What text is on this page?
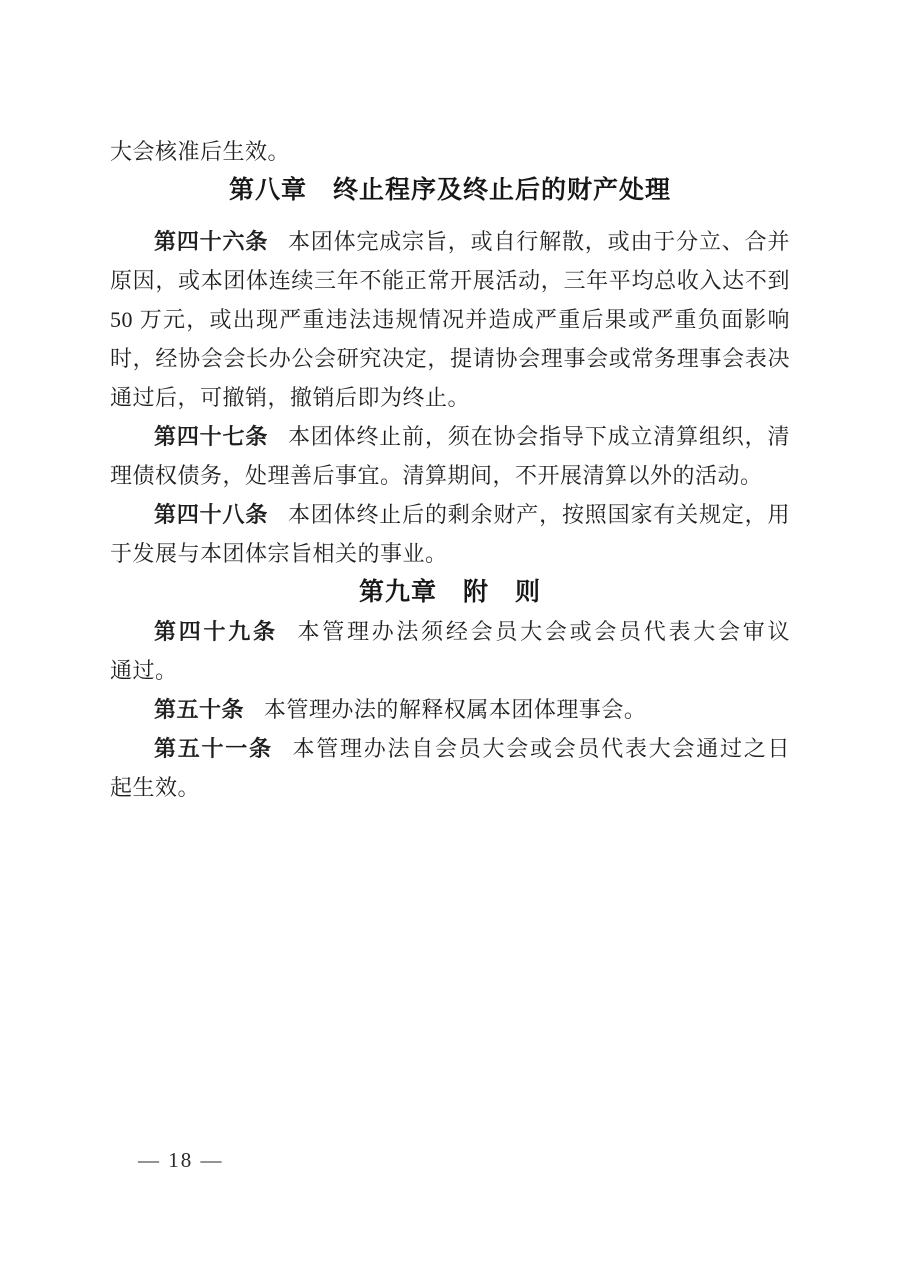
大会核准后生效。
第八章　终止程序及终止后的财产处理
第四十六条 本团体完成宗旨，或自行解散，或由于分立、合并
原因，或本团体连续三年不能正常开展活动，三年平均总收入达不到
50 万元，或出现严重违法违规情况并造成严重后果或严重负面影响
时，经协会会长办公会研究决定，提请协会理事会或常务理事会表决
通过后，可撤销，撤销后即为终止。
第四十七条 本团体终止前，须在协会指导下成立清算组织，清
理债权债务，处理善后事宜。清算期间，不开展清算以外的活动。
第四十八条 本团体终止后的剩余财产，按照国家有关规定，用
于发展与本团体宗旨相关的事业。
第九章　附　则
第四十九条 本管理办法须经会员大会或会员代表大会审议
通过。
第五十条 本管理办法的解释权属本团体理事会。
第五十一条 本管理办法自会员大会或会员代表大会通过之日
起生效。
— 18 —
